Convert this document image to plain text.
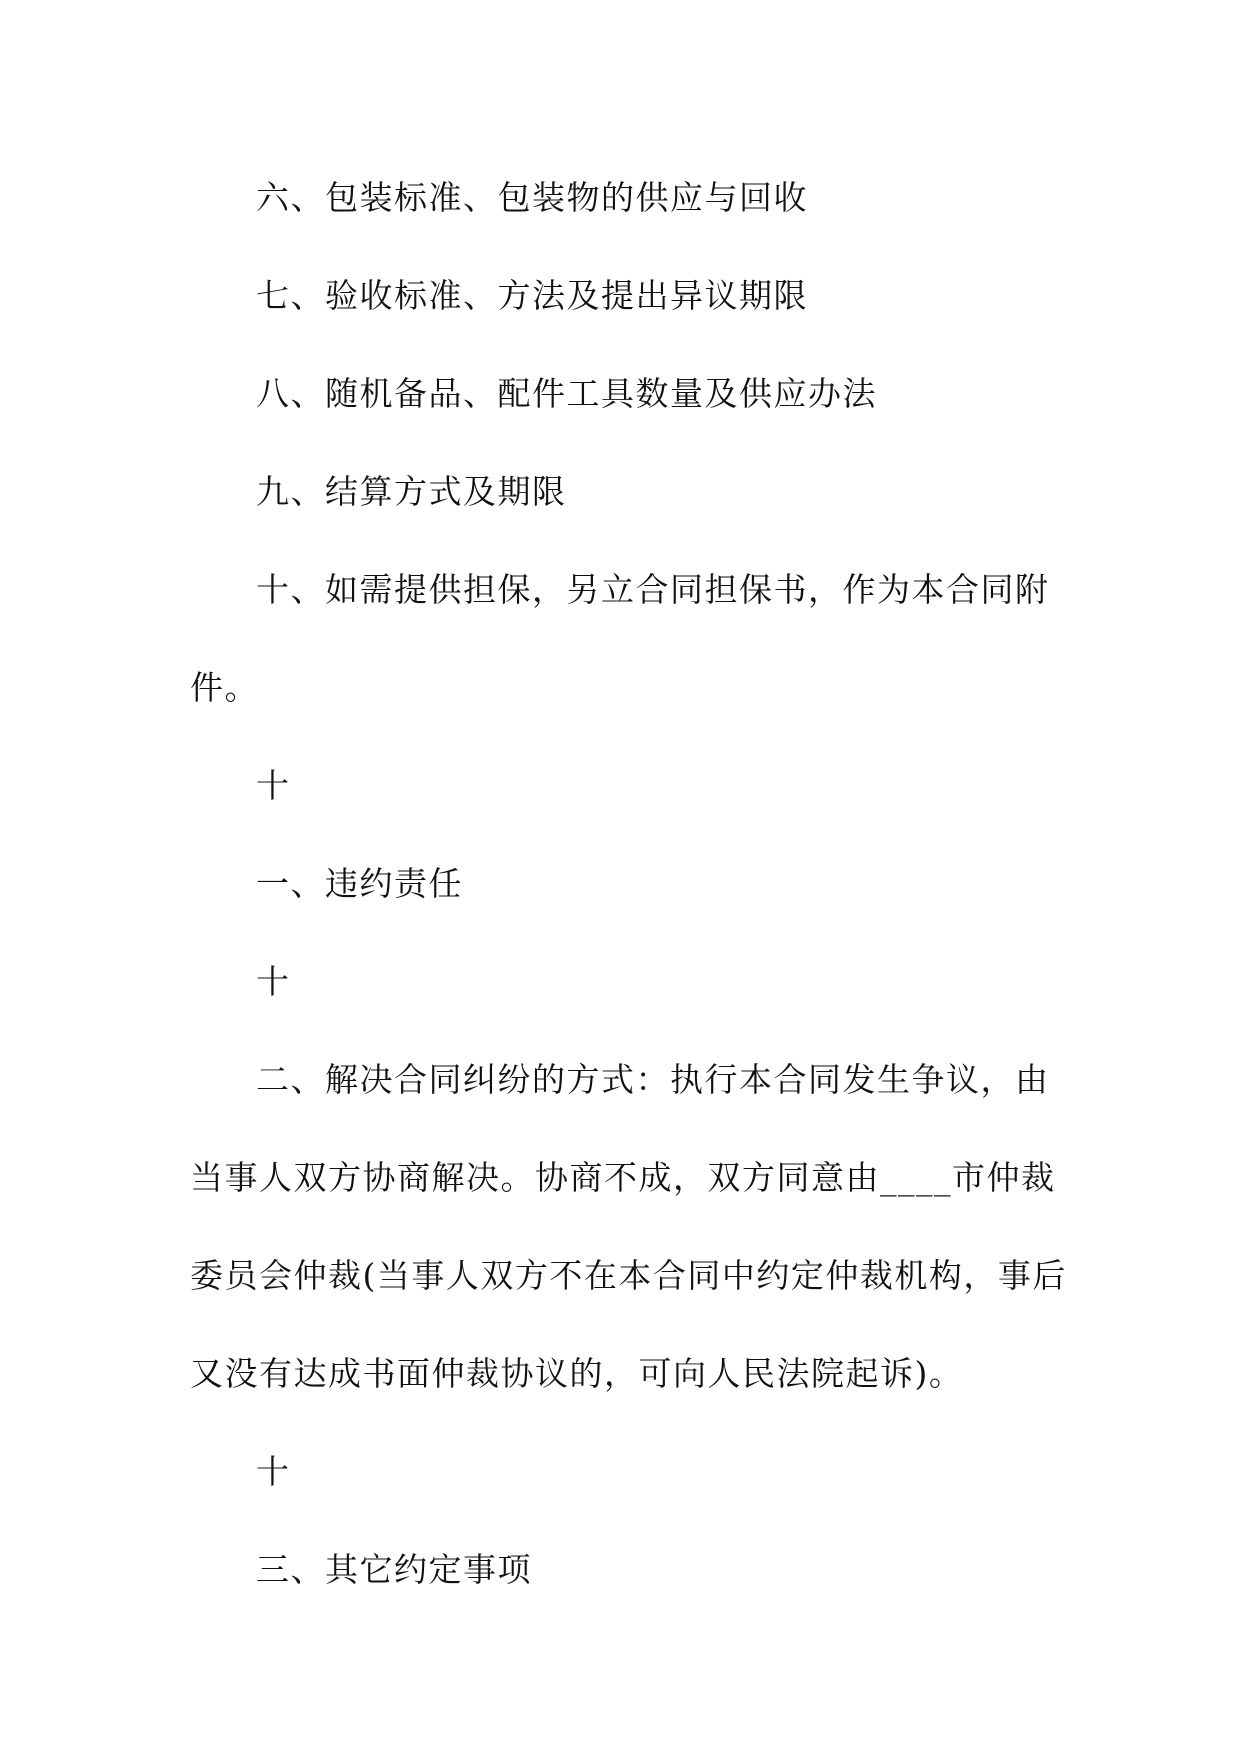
六、包装标准、包装物的供应与回收
七、验收标准、方法及提出异议期限
八、随机备品、配件工具数量及供应办法
九、结算方式及期限
十、如需提供担保，另立合同担保书，作为本合同附
件。
十
一、违约责任
十
二、解决合同纠纷的方式：执行本合同发生争议，由
当事人双方协商解决。协商不成，双方同意由____市仲裁
委员会仲裁(当事人双方不在本合同中约定仲裁机构，事后
又没有达成书面仲裁协议的，可向人民法院起诉)。
十
三、其它约定事项
